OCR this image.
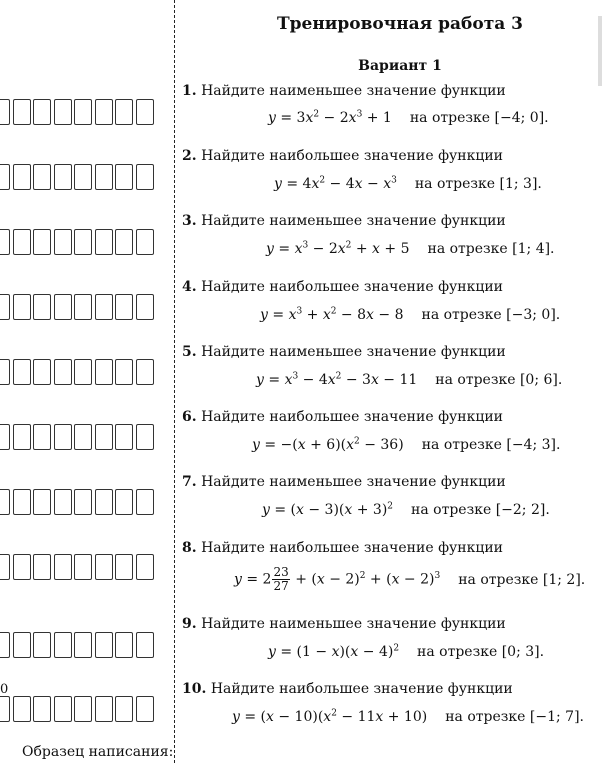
Тренировочная работа 3
Вариант 1
0
1. Найдите наименьшее значение функции
$y = 3x^2 - 2x^3 + 1$ на отрезке [−4; 0].
2. Найдите наибольшее значение функции
$y = 4x^2 - 4x - x^3$ на отрезке [1; 3].
3. Найдите наименьшее значение функции
$y = x^3 - 2x^2 + x + 5$ на отрезке [1; 4].
4. Найдите наибольшее значение функции
$y = x^3 + x^2 - 8x - 8$ на отрезке [−3; 0].
5. Найдите наименьшее значение функции
$y = x^3 - 4x^2 - 3x - 11$ на отрезке [0; 6].
6. Найдите наибольшее значение функции
$y = -(x + 6)(x^2 - 36)$ на отрезке [−4; 3].
7. Найдите наименьшее значение функции
$y = (x - 3)(x + 3)^2$ на отрезке [−2; 2].
8. Найдите наибольшее значение функции
$y = 2 \frac{23}{27} + (x - 2)^2 + (x - 2)^3$ на отрезке [1; 2].
9. Найдите наименьшее значение функции
$y = (1 - x)(x - 4)^2$ на отрезке [0; 3].
10. Найдите наибольшее значение функции
$y = (x - 10)(x^2 - 11x + 10)$ на отрезке [−1; 7].
Образец написания:
